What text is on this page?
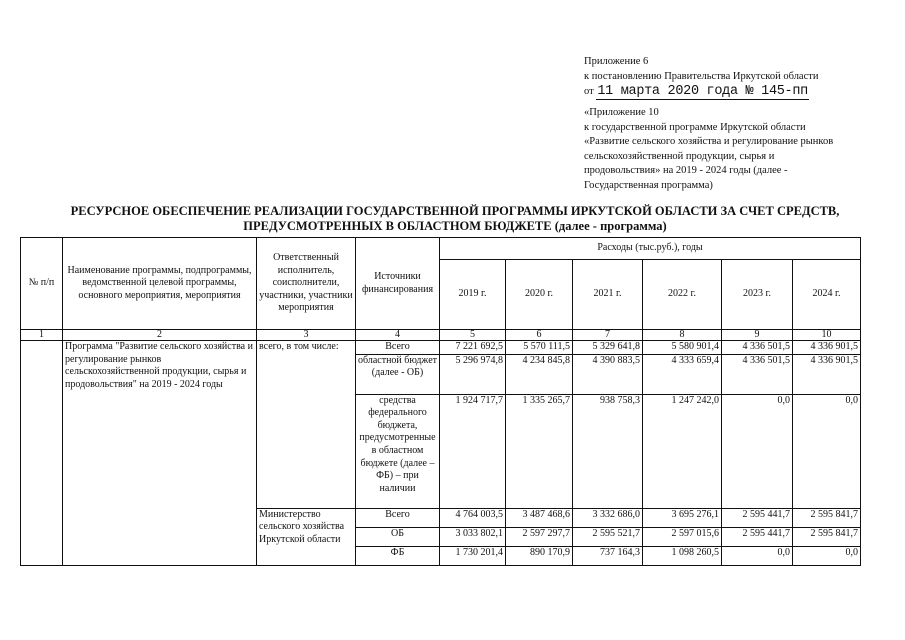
Приложение 6
к постановлению Правительства Иркутской области
от 11 марта 2020 года № 145-пп
«Приложение 10
к государственной программе Иркутской области
«Развитие сельского хозяйства и регулирование рынков
сельскохозяйственной продукции, сырья и
продовольствия» на 2019 - 2024 годы (далее -
Государственная программа)
РЕСУРСНОЕ ОБЕСПЕЧЕНИЕ РЕАЛИЗАЦИИ ГОСУДАРСТВЕННОЙ ПРОГРАММЫ ИРКУТСКОЙ ОБЛАСТИ ЗА СЧЕТ СРЕДСТВ,
ПРЕДУСМОТРЕННЫХ В ОБЛАСТНОМ БЮДЖЕТЕ (далее - программа)
№ п/п	Наименование программы, подпрограммы, ведомственной целевой программы, основного мероприятия, мероприятия	Ответственный исполнитель, соисполнители, участники, участники мероприятия	Источники финансирования	Расходы (тыс.руб.), годы					
				2019 г.	2020 г.	2021 г.	2022 г.	2023 г.	2024 г.
1	2	3	4	5	6	7	8	9	10
	Программа "Развитие сельского хозяйства и регулирование рынков сельскохозяйственной продукции, сырья и продовольствия" на 2019 - 2024 годы	всего, в том числе:	Всего	7 221 692,5	5 570 111,5	5 329 641,8	5 580 901,4	4 336 501,5	4 336 901,5
			областной бюджет (далее - ОБ)	5 296 974,8	4 234 845,8	4 390 883,5	4 333 659,4	4 336 501,5	4 336 901,5
			средства федерального бюджета, предусмотренные в областном бюджете (далее – ФБ) – при наличии	1 924 717,7	1 335 265,7	938 758,3	1 247 242,0	0,0	0,0
		Министерство сельского хозяйства Иркутской области	Всего	4 764 003,5	3 487 468,6	3 332 686,0	3 695 276,1	2 595 441,7	2 595 841,7
			ОБ	3 033 802,1	2 597 297,7	2 595 521,7	2 597 015,6	2 595 441,7	2 595 841,7
			ФБ	1 730 201,4	890 170,9	737 164,3	1 098 260,5	0,0	0,0
